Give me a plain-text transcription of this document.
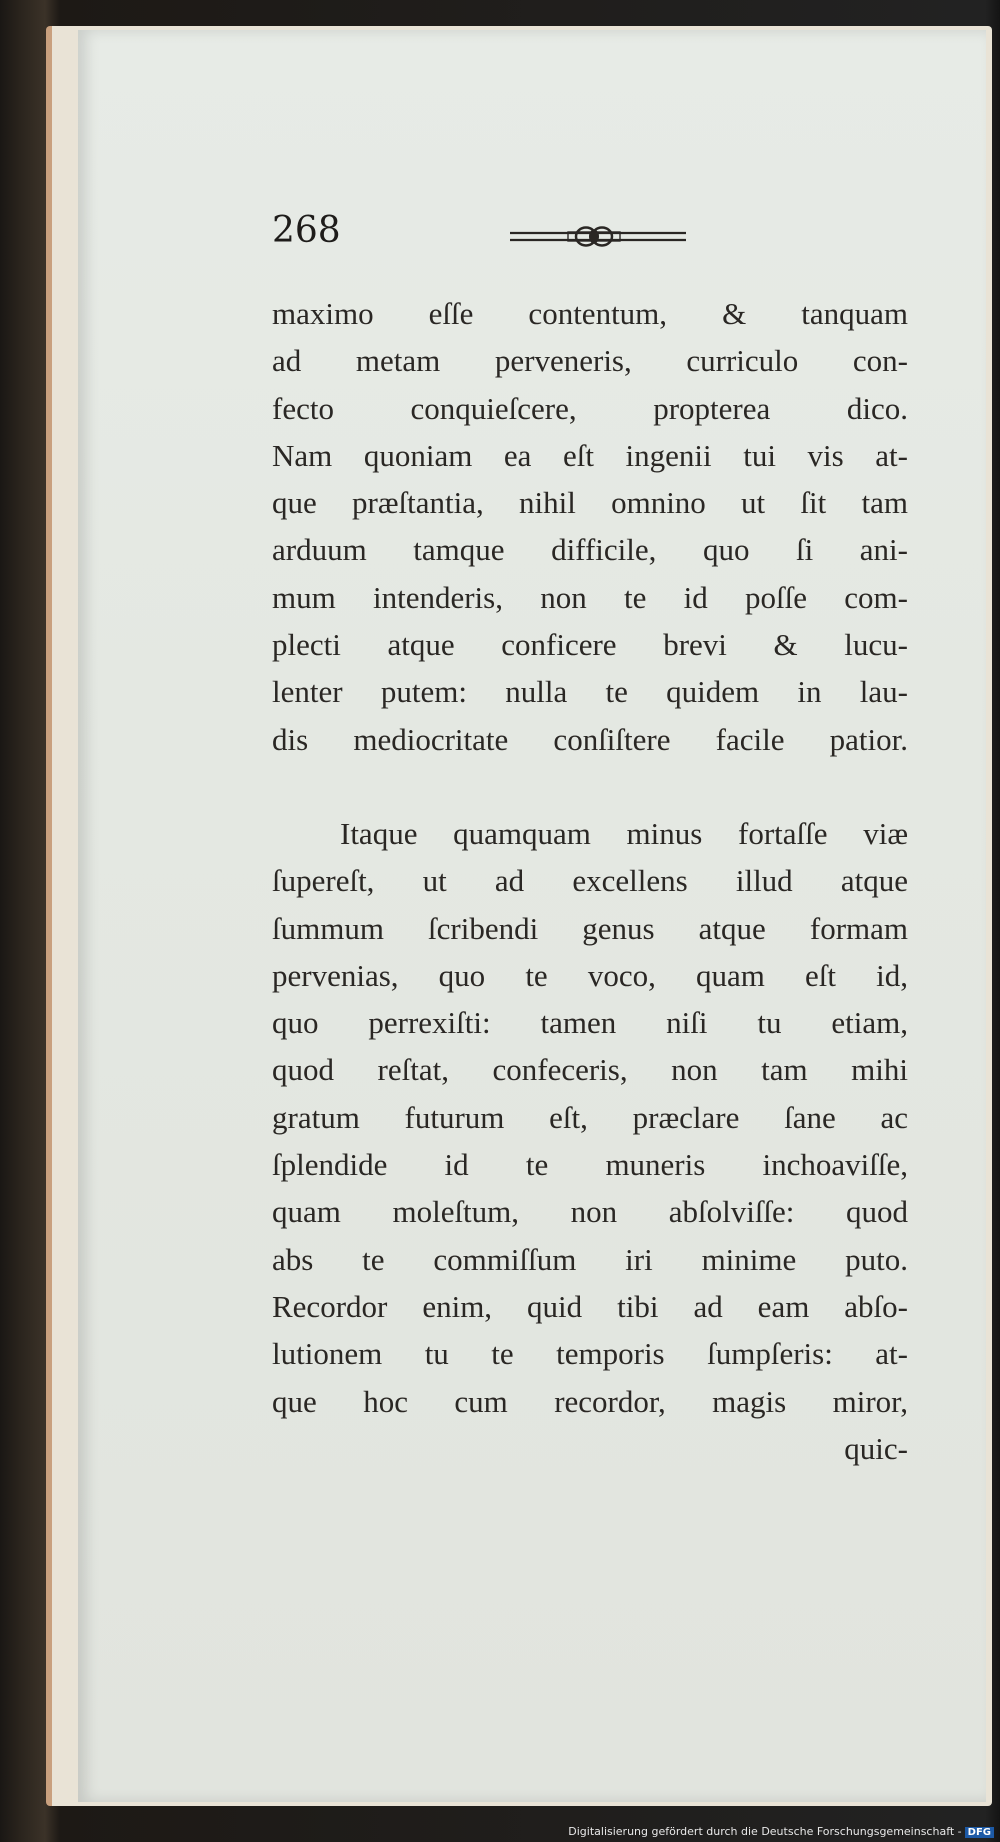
268
maximo eſſe contentum, & tanquam
ad metam perveneris, curriculo con-
fecto conquieſcere, propterea dico.
Nam quoniam ea eſt ingenii tui vis at-
que præſtantia, nihil omnino ut ſit tam
arduum tamque difficile, quo ſi ani-
mum intenderis, non te id poſſe com-
plecti atque conficere brevi & lucu-
lenter putem: nulla te quidem in lau-
dis mediocritate conſiſtere facile patior.
Itaque quamquam minus fortaſſe viæ
ſupereſt, ut ad excellens illud atque
ſummum ſcribendi genus atque formam
pervenias, quo te voco, quam eſt id,
quo perrexiſti: tamen niſi tu etiam,
quod reſtat, confeceris, non tam mihi
gratum futurum eſt, præclare ſane ac
ſplendide id te muneris inchoaviſſe,
quam moleſtum, non abſolviſſe: quod
abs te commiſſum iri minime puto.
Recordor enim, quid tibi ad eam abſo-
lutionem tu te temporis ſumpſeris: at-
que hoc cum recordor, magis miror,
quic-
Digitalisierung gefördert durch die Deutsche Forschungsgemeinschaft - DFG
